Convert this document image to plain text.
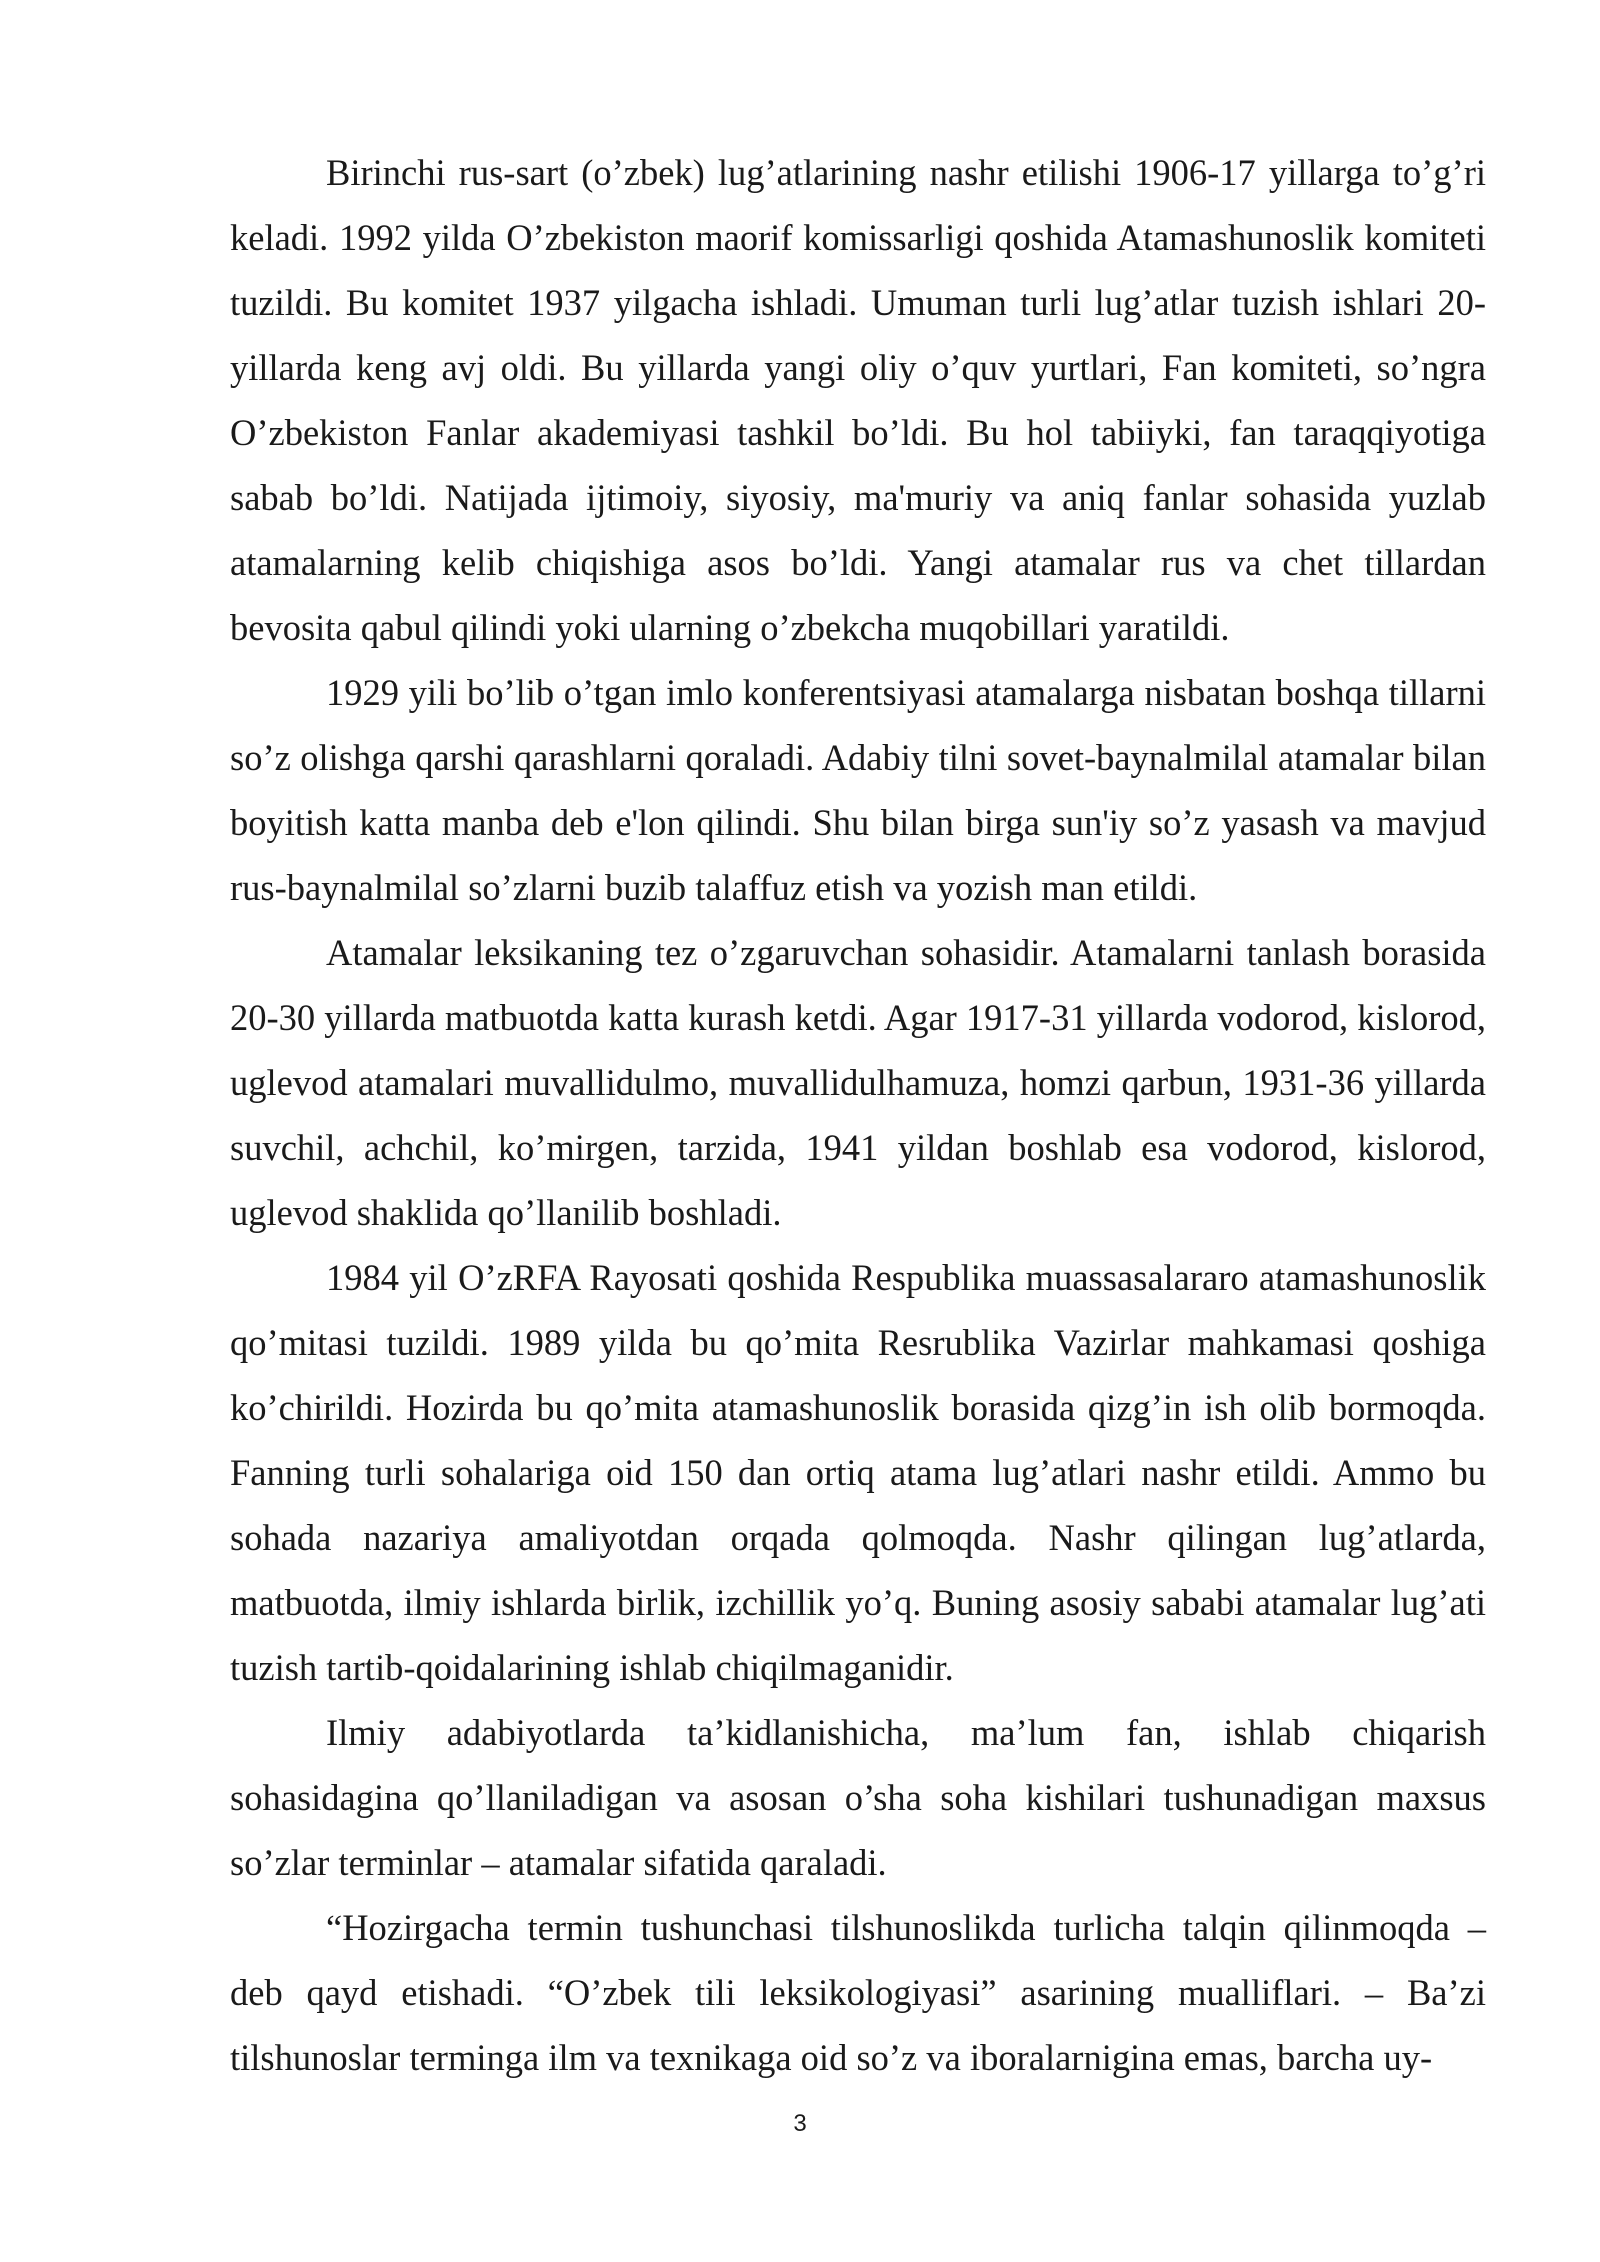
Birinchi rus-sart (o’zbek) lug’atlarining nashr etilishi 1906-17 yillarga to’g’ri keladi. 1992 yilda O’zbekiston maorif komissarligi qoshida Atamashunoslik komiteti tuzildi. Bu komitet 1937 yilgacha ishladi. Umuman turli lug’atlar tuzish ishlari 20-yillarda keng avj oldi. Bu yillarda yangi oliy o’quv yurtlari, Fan komiteti, so’ngra O’zbekiston Fanlar akademiyasi tashkil bo’ldi. Bu hol tabiiyki, fan taraqqiyotiga sabab bo’ldi. Natijada ijtimoiy, siyosiy, ma'muriy va aniq fanlar sohasida yuzlab atamalarning kelib chiqishiga asos bo’ldi. Yangi atamalar rus va chet tillardan bevosita qabul qilindi yoki ularning o’zbekcha muqobillari yaratildi.

1929 yili bo’lib o’tgan imlo konferentsiyasi atamalarga nisbatan boshqa tillarni so’z olishga qarshi qarashlarni qoraladi. Adabiy tilni sovet-baynalmilal atamalar bilan boyitish katta manba deb e'lon qilindi. Shu bilan birga sun'iy so’z yasash va mavjud rus-baynalmilal so’zlarni buzib talaffuz etish va yozish man etildi.

Atamalar leksikaning tez o’zgaruvchan sohasidir. Atamalarni tanlash borasida 20-30 yillarda matbuotda katta kurash ketdi. Agar 1917-31 yillarda vodorod, kislorod, uglevod atamalari muvallidulmo, muvallidulhamuza, homzi qarbun, 1931-36 yillarda suvchil, achchil, ko’mirgen, tarzida, 1941 yildan boshlab esa vodorod, kislorod, uglevod shaklida qo’llanilib boshladi.

1984 yil O’zRFA Rayosati qoshida Respublika muassasalararo atamashunoslik qo’mitasi tuzildi. 1989 yilda bu qo’mita Resrublika Vazirlar mahkamasi qoshiga ko’chirildi. Hozirda bu qo’mita atamashunoslik borasida qizg’in ish olib bormoqda. Fanning turli sohalariga oid 150 dan ortiq atama lug’atlari nashr etildi. Ammo bu sohada nazariya amaliyotdan orqada qolmoqda. Nashr qilingan lug’atlarda, matbuotda, ilmiy ishlarda birlik, izchillik yo’q. Buning asosiy sababi atamalar lug’ati tuzish tartib-qoidalarining ishlab chiqilmaganidir.

Ilmiy adabiyotlarda ta’kidlanishicha, ma’lum fan, ishlab chiqarish sohasidagina qo’llaniladigan va asosan o’sha soha kishilari tushunadigan maxsus so’zlar terminlar – atamalar sifatida qaraladi.

“Hozirgacha termin tushunchasi tilshunoslikda turlicha talqin qilinmoqda – deb qayd etishadi. “O’zbek tili leksikologiyasi” asarining mualliflari. – Ba’zi tilshunoslar terminga ilm va texnikaga oid so’z va iboralarnigina emas, barcha uy-

3
